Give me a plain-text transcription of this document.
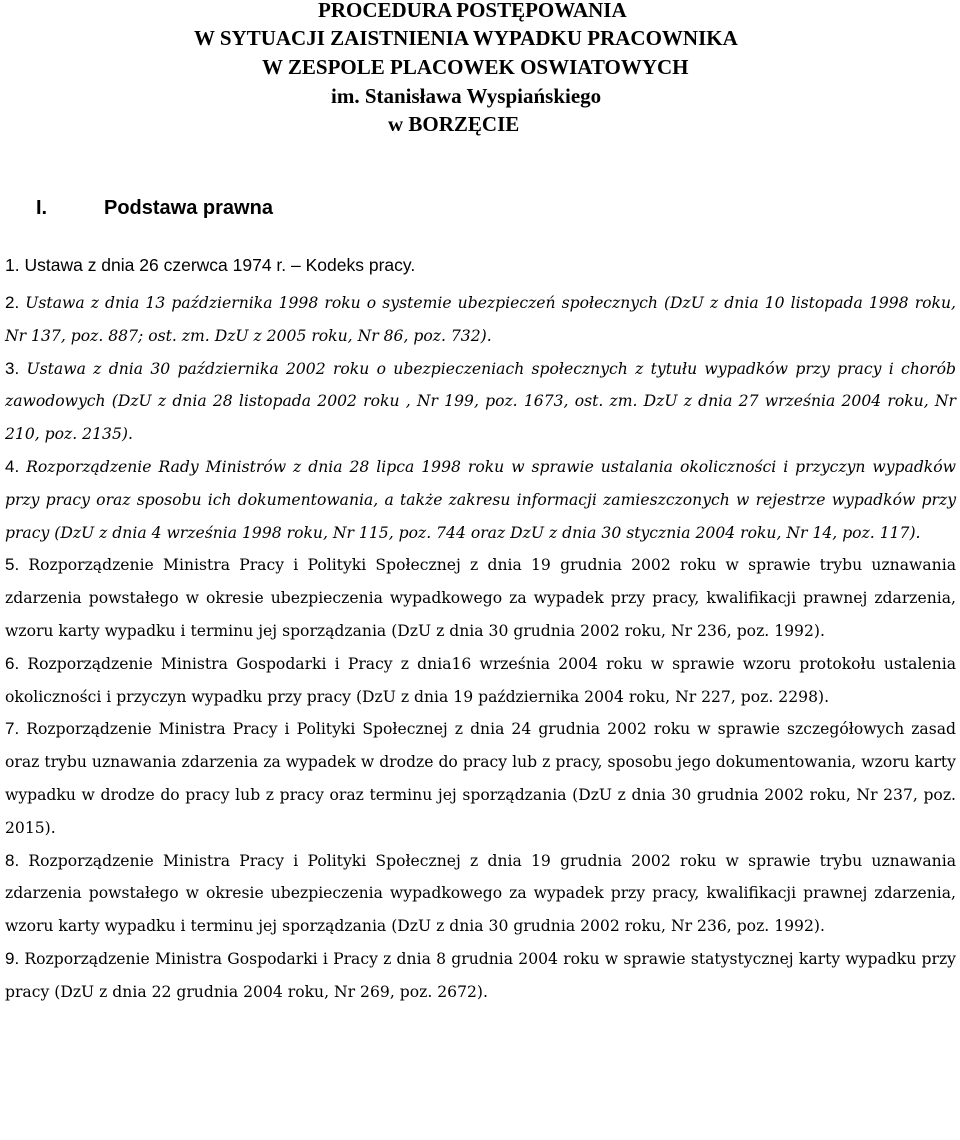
PROCEDURA POSTĘPOWANIA
W SYTUACJI ZAISTNIENIA WYPADKU PRACOWNIKA
W ZESPOLE PLACOWEK OSWIATOWYCH
im. Stanisława Wyspiańskiego
w BORZĘCIE
I.	Podstawa prawna
1. Ustawa z dnia 26 czerwca 1974 r. – Kodeks pracy.

2. Ustawa z dnia 13 października 1998 roku o systemie ubezpieczeń społecznych (DzU z dnia 10 listopada 1998 roku, Nr 137, poz. 887; ost. zm. DzU z 2005 roku, Nr 86, poz. 732).

3. Ustawa z dnia 30 października 2002 roku o ubezpieczeniach społecznych z tytułu wypadków przy pracy i chorób zawodowych (DzU z dnia 28 listopada 2002 roku , Nr 199, poz. 1673, ost. zm. DzU z dnia 27 września 2004 roku, Nr 210, poz. 2135).

4. Rozporządzenie Rady Ministrów z dnia 28 lipca 1998 roku w sprawie ustalania okoliczności i przyczyn wypadków przy pracy oraz sposobu ich dokumentowania, a także zakresu informacji zamieszczonych w rejestrze wypadków przy pracy (DzU z dnia 4 września 1998 roku, Nr 115, poz. 744 oraz DzU z dnia 30 stycznia 2004 roku, Nr 14, poz. 117).

5. Rozporządzenie Ministra Pracy i Polityki Społecznej z dnia 19 grudnia 2002 roku w sprawie trybu uznawania zdarzenia powstałego w okresie ubezpieczenia wypadkowego za wypadek przy pracy, kwalifikacji prawnej zdarzenia, wzoru karty wypadku i terminu jej sporządzania (DzU z dnia 30 grudnia 2002 roku, Nr 236, poz. 1992).

6. Rozporządzenie Ministra Gospodarki i Pracy z dnia16 września 2004 roku w sprawie wzoru protokołu ustalenia okoliczności i przyczyn wypadku przy pracy (DzU z dnia 19 października 2004 roku, Nr 227, poz. 2298).

7. Rozporządzenie Ministra Pracy i Polityki Społecznej z dnia 24 grudnia 2002 roku w sprawie szczegółowych zasad oraz trybu uznawania zdarzenia za wypadek w drodze do pracy lub z pracy, sposobu jego dokumentowania, wzoru karty wypadku w drodze do pracy lub z pracy oraz terminu jej sporządzania (DzU z dnia 30 grudnia 2002 roku, Nr 237, poz. 2015).

8. Rozporządzenie Ministra Pracy i Polityki Społecznej z dnia 19 grudnia 2002 roku w sprawie trybu uznawania zdarzenia powstałego w okresie ubezpieczenia wypadkowego za wypadek przy pracy, kwalifikacji prawnej zdarzenia, wzoru karty wypadku i terminu jej sporządzania (DzU z dnia 30 grudnia 2002 roku, Nr 236, poz. 1992).

9. Rozporządzenie Ministra Gospodarki i Pracy z dnia 8 grudnia 2004 roku w sprawie statystycznej karty wypadku przy pracy (DzU z dnia 22 grudnia 2004 roku, Nr 269, poz. 2672).
